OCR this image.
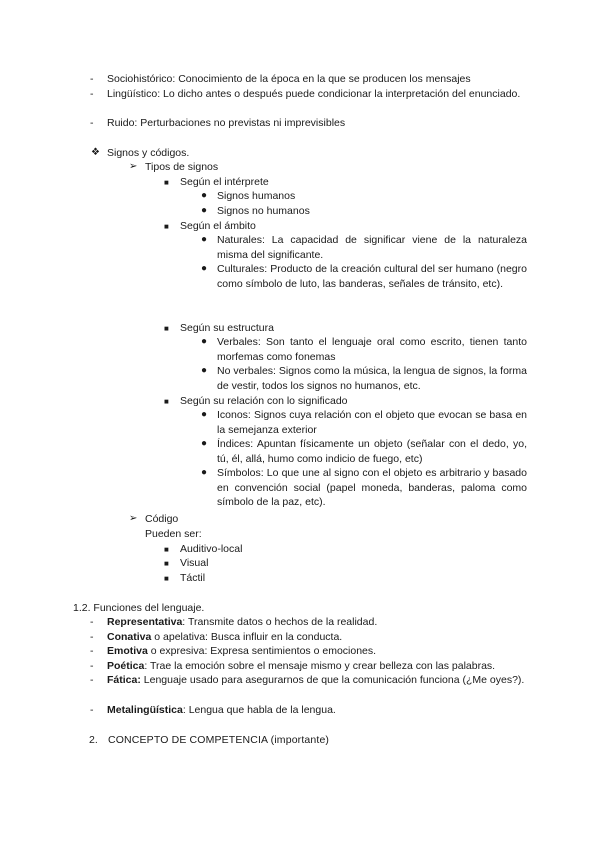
- Sociohistórico: Conocimiento de la época en la que se producen los mensajes
- Lingüístico: Lo dicho antes o después puede condicionar la interpretación del enunciado.
- Ruido: Perturbaciones no previstas ni imprevisibles
❖ Signos y códigos.
➢ Tipos de signos
■ Según el intérprete
● Signos humanos
● Signos no humanos
■ Según el ámbito
● Naturales: La capacidad de significar viene de la naturaleza misma del significante.
● Culturales: Producto de la creación cultural del ser humano (negro como símbolo de luto, las banderas, señales de tránsito, etc).
■ Según su estructura
● Verbales: Son tanto el lenguaje oral como escrito, tienen tanto morfemas como fonemas
● No verbales: Signos como la música, la lengua de signos, la forma de vestir, todos los signos no humanos, etc.
■ Según su relación con lo significado
● Iconos: Signos cuya relación con el objeto que evocan se basa en la semejanza exterior
● Índices: Apuntan físicamente un objeto (señalar con el dedo, yo, tú, él, allá, humo como indicio de fuego, etc)
● Símbolos: Lo que une al signo con el objeto es arbitrario y basado en convención social (papel moneda, banderas, paloma como símbolo de la paz, etc).
➢ Código
Pueden ser:
■ Auditivo-local
■ Visual
■ Táctil
1.2. Funciones del lenguaje.
- Representativa: Transmite datos o hechos de la realidad.
- Conativa o apelativa: Busca influir en la conducta.
- Emotiva o expresiva: Expresa sentimientos o emociones.
- Poética: Trae la emoción sobre el mensaje mismo y crear belleza con las palabras.
- Fática: Lenguaje usado para asegurarnos de que la comunicación funciona (¿Me oyes?).
- Metalingüística: Lengua que habla de la lengua.
2. CONCEPTO DE COMPETENCIA (importante)
